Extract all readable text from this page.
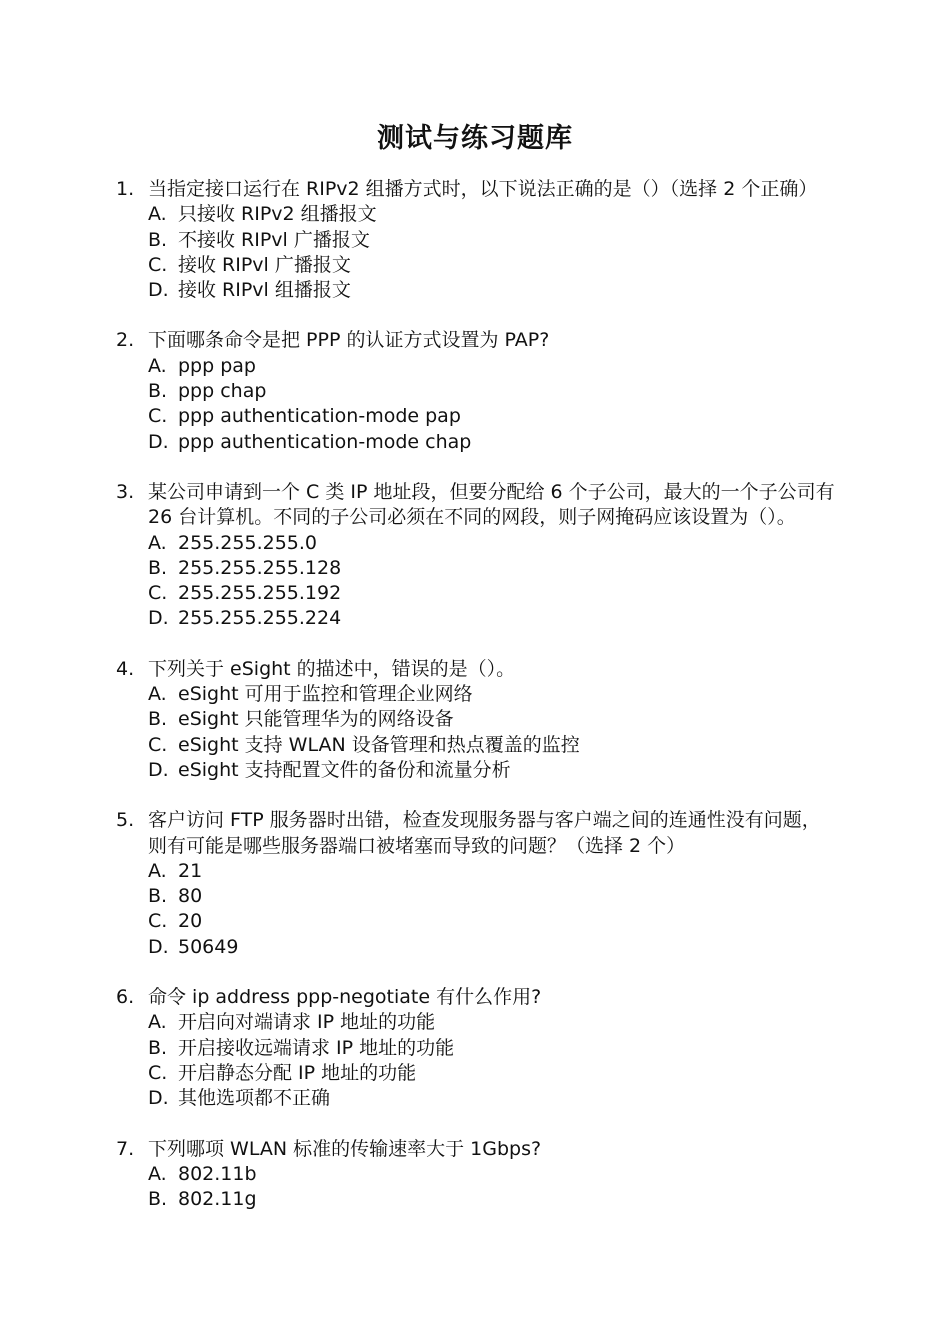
测试与练习题库
1. 当指定接口运行在 RIPv2 组播方式时，以下说法正确的是（）（选择 2 个正确）
A. 只接收 RIPv2 组播报文
B. 不接收 RIPvl 广播报文
C. 接收 RIPvl 广播报文
D. 接收 RIPvl 组播报文
2. 下面哪条命令是把 PPP 的认证方式设置为 PAP?
A. ppp pap
B. ppp chap
C. ppp authentication-mode pap
D. ppp authentication-mode chap
3. 某公司申请到一个 C 类 IP 地址段，但要分配给 6 个子公司，最大的一个子公司有 26 台计算机。不同的子公司必须在不同的网段，则子网掩码应该设置为（）。
A. 255.255.255.0
B. 255.255.255.128
C. 255.255.255.192
D. 255.255.255.224
4. 下列关于 eSight 的描述中，错误的是（）。
A. eSight 可用于监控和管理企业网络
B. eSight 只能管理华为的网络设备
C. eSight 支持 WLAN 设备管理和热点覆盖的监控
D. eSight 支持配置文件的备份和流量分析
5. 客户访问 FTP 服务器时出错，检查发现服务器与客户端之间的连通性没有问题，则有可能是哪些服务器端口被堵塞而导致的问题？（选择 2 个）
A. 21
B. 80
C. 20
D. 50649
6. 命令 ip address ppp-negotiate 有什么作用?
A. 开启向对端请求 IP 地址的功能
B. 开启接收远端请求 IP 地址的功能
C. 开启静态分配 IP 地址的功能
D. 其他选项都不正确
7. 下列哪项 WLAN 标准的传输速率大于 1Gbps?
A. 802.11b
B. 802.11g
